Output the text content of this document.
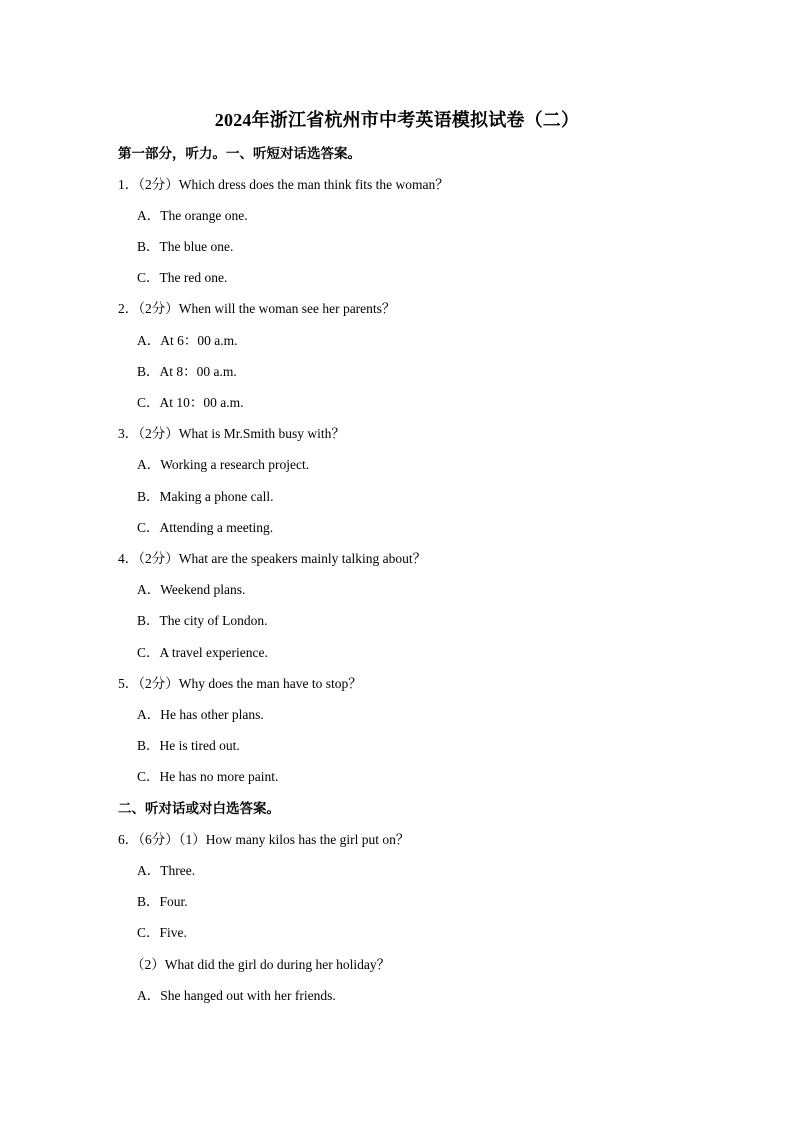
2024年浙江省杭州市中考英语模拟试卷（二）
第一部分，听力。一、听短对话选答案。
1．（2分）Which dress does the man think fits the woman？
A．The orange one.
B．The blue one.
C．The red one.
2．（2分）When will the woman see her parents？
A．At 6：00 a.m.
B．At 8：00 a.m.
C．At 10：00 a.m.
3．（2分）What is Mr.Smith busy with？
A．Working a research project.
B．Making a phone call.
C．Attending a meeting.
4．（2分）What are the speakers mainly talking about？
A．Weekend plans.
B．The city of London.
C．A travel experience.
5．（2分）Why does the man have to stop？
A．He has other plans.
B．He is tired out.
C．He has no more paint.
二、听对话或对白选答案。
6．（6分）（1）How many kilos has the girl put on？
A．Three.
B．Four.
C．Five.
（2）What did the girl do during her holiday？
A．She hanged out with her friends.
